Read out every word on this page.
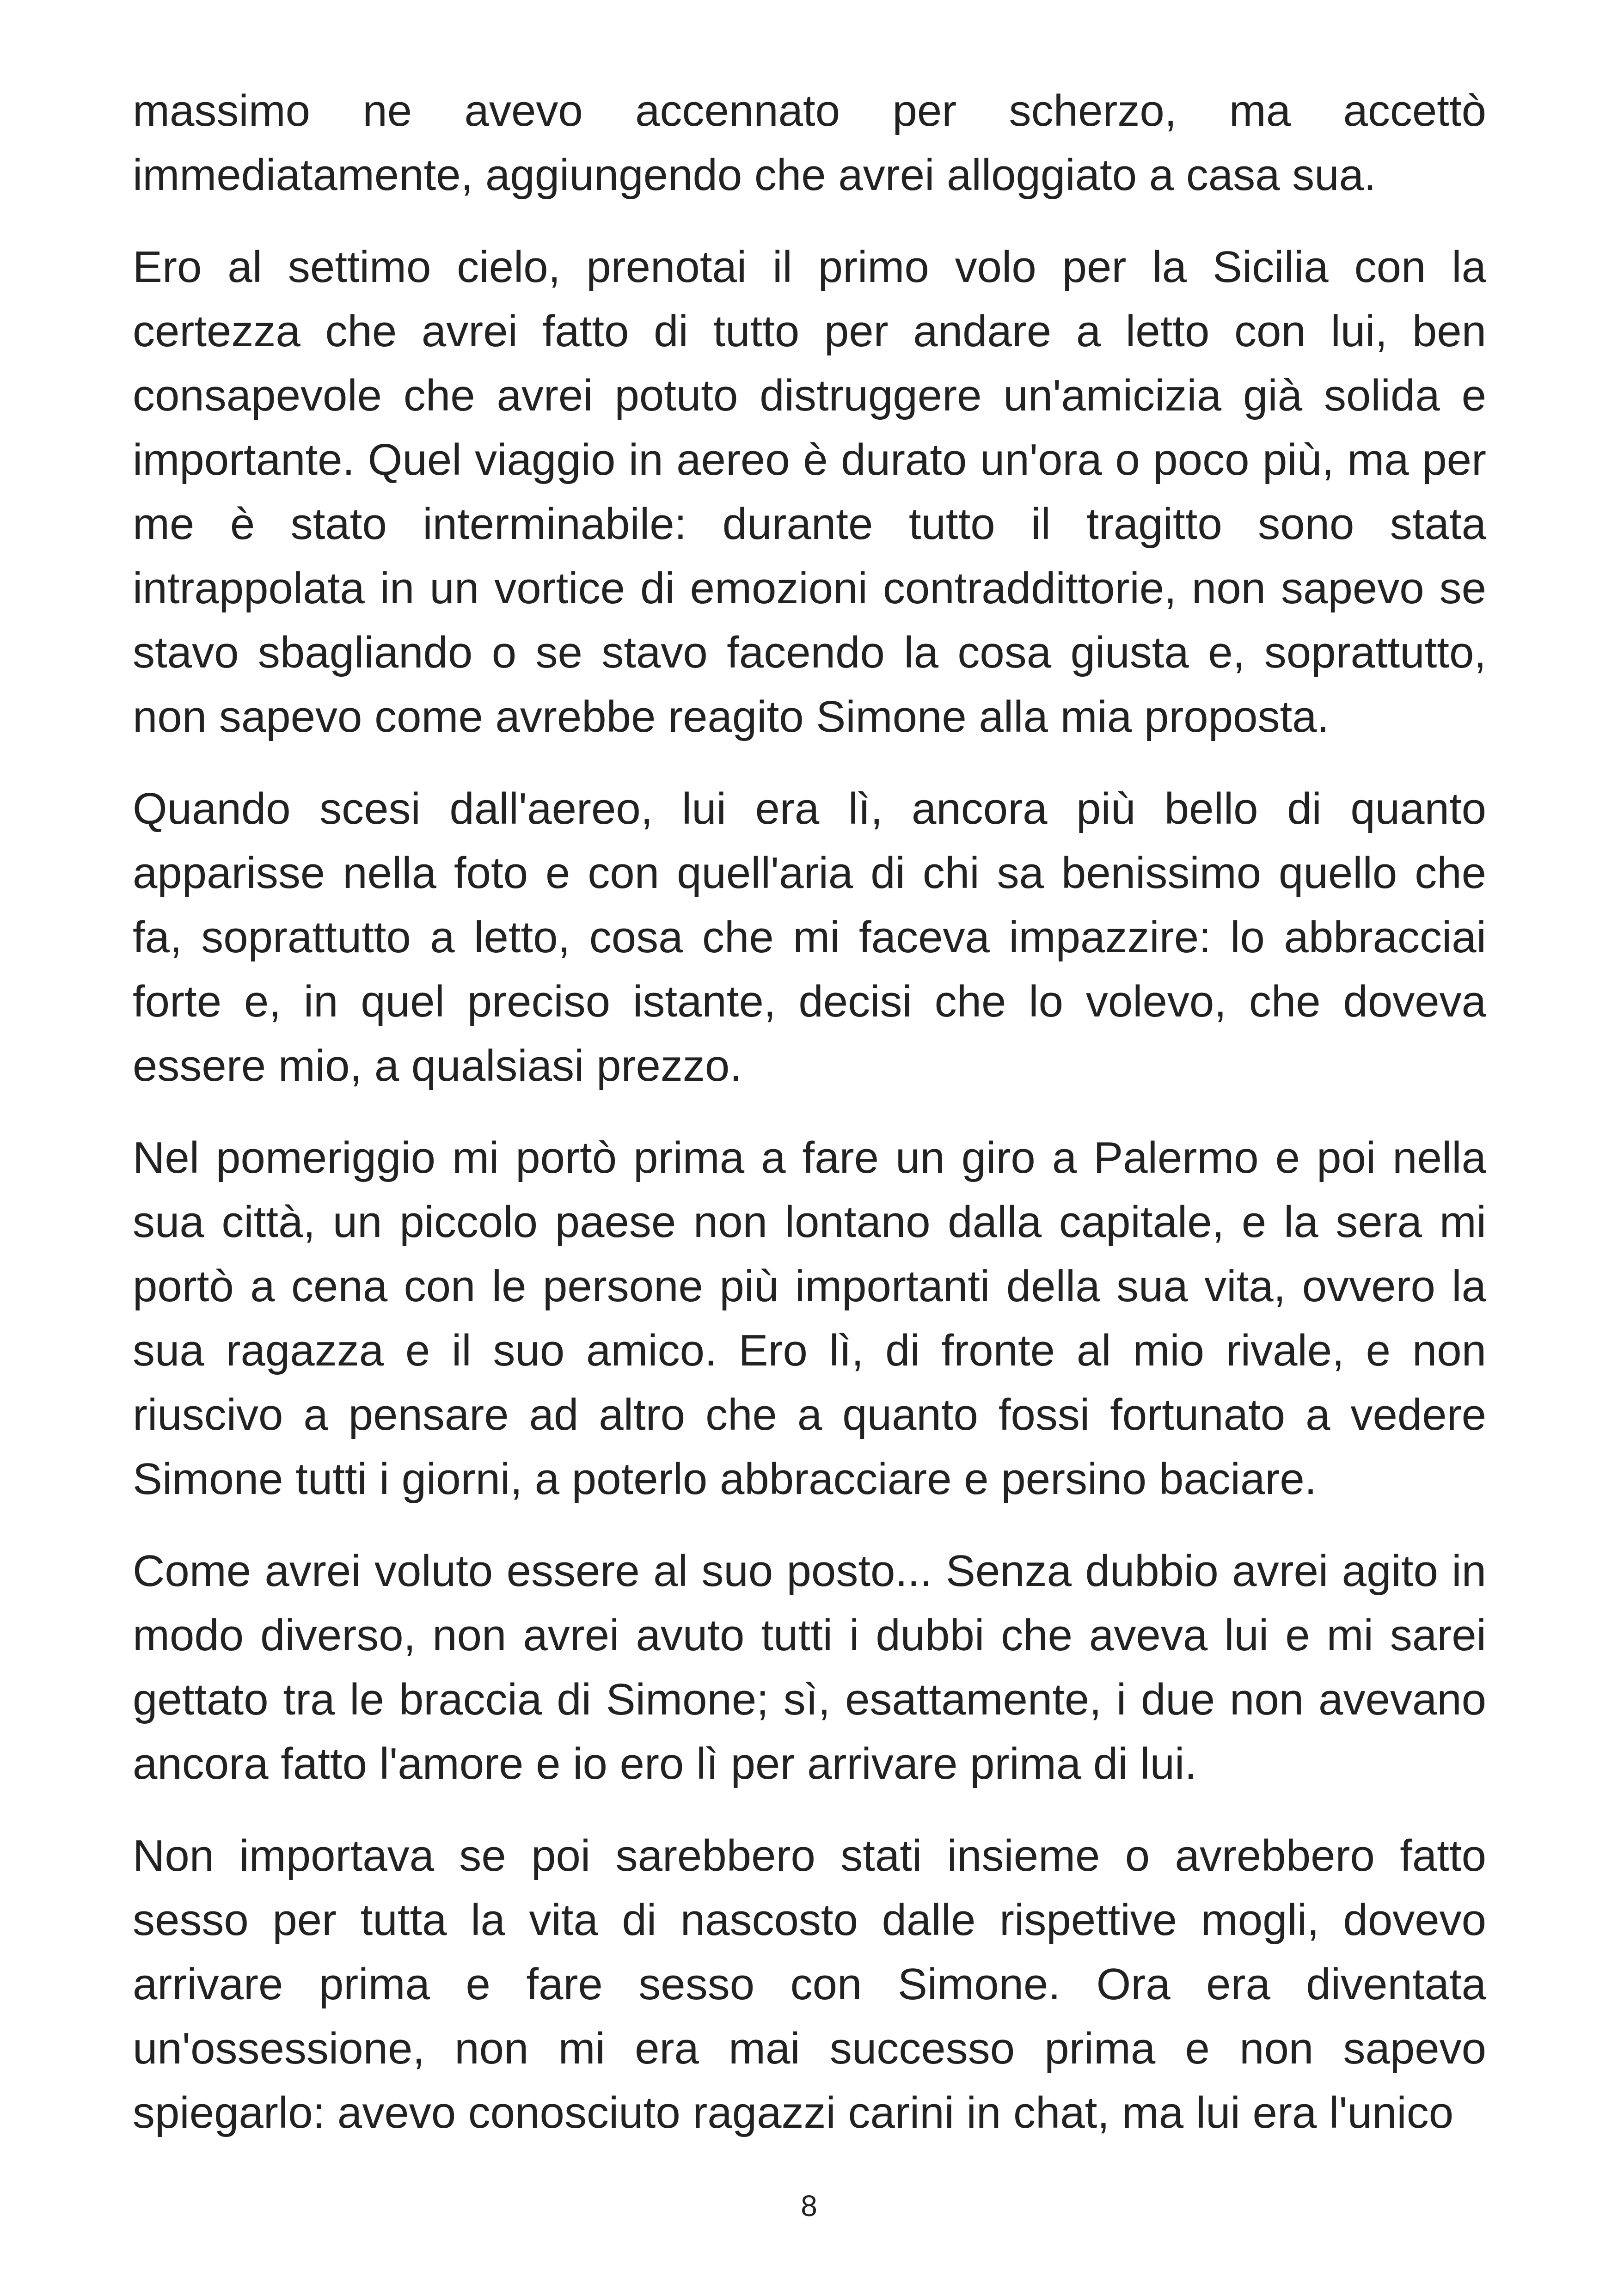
massimo ne avevo accennato per scherzo, ma accettò immediatamente, aggiungendo che avrei alloggiato a casa sua.

Ero al settimo cielo, prenotai il primo volo per la Sicilia con la certezza che avrei fatto di tutto per andare a letto con lui, ben consapevole che avrei potuto distruggere un'amicizia già solida e importante. Quel viaggio in aereo è durato un'ora o poco più, ma per me è stato interminabile: durante tutto il tragitto sono stata intrappolata in un vortice di emozioni contraddittorie, non sapevo se stavo sbagliando o se stavo facendo la cosa giusta e, soprattutto, non sapevo come avrebbe reagito Simone alla mia proposta.

Quando scesi dall'aereo, lui era lì, ancora più bello di quanto apparisse nella foto e con quell'aria di chi sa benissimo quello che fa, soprattutto a letto, cosa che mi faceva impazzire: lo abbracciai forte e, in quel preciso istante, decisi che lo volevo, che doveva essere mio, a qualsiasi prezzo.

Nel pomeriggio mi portò prima a fare un giro a Palermo e poi nella sua città, un piccolo paese non lontano dalla capitale, e la sera mi portò a cena con le persone più importanti della sua vita, ovvero la sua ragazza e il suo amico. Ero lì, di fronte al mio rivale, e non riuscivo a pensare ad altro che a quanto fossi fortunato a vedere Simone tutti i giorni, a poterlo abbracciare e persino baciare.

Come avrei voluto essere al suo posto... Senza dubbio avrei agito in modo diverso, non avrei avuto tutti i dubbi che aveva lui e mi sarei gettato tra le braccia di Simone; sì, esattamente, i due non avevano ancora fatto l'amore e io ero lì per arrivare prima di lui.

Non importava se poi sarebbero stati insieme o avrebbero fatto sesso per tutta la vita di nascosto dalle rispettive mogli, dovevo arrivare prima e fare sesso con Simone. Ora era diventata un'ossessione, non mi era mai successo prima e non sapevo spiegarlo: avevo conosciuto ragazzi carini in chat, ma lui era l'unico

8
